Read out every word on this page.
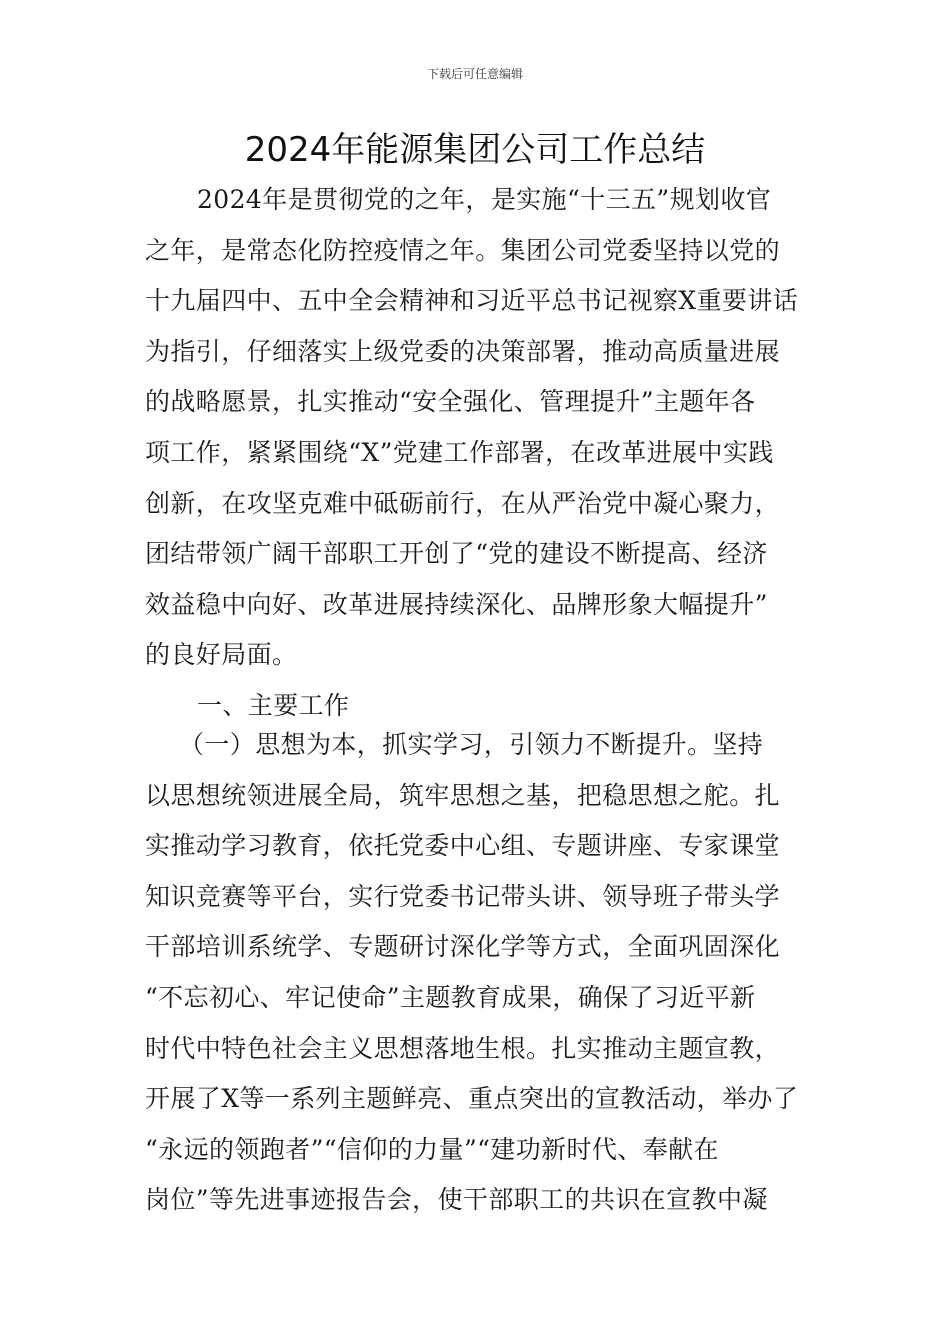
下载后可任意编辑
2024年能源集团公司工作总结
2024年是贯彻党的之年，是实施“十三五”规划收官
之年，是常态化防控疫情之年。集团公司党委坚持以党的
十九届四中、五中全会精神和习近平总书记视察X重要讲话
为指引，仔细落实上级党委的决策部署，推动高质量进展
的战略愿景，扎实推动“安全强化、管理提升”主题年各
项工作，紧紧围绕“X”党建工作部署，在改革进展中实践
创新，在攻坚克难中砥砺前行，在从严治党中凝心聚力，
团结带领广阔干部职工开创了“党的建设不断提高、经济
效益稳中向好、改革进展持续深化、品牌形象大幅提升”
的良好局面。
一、主要工作
（一）思想为本，抓实学习，引领力不断提升。坚持
以思想统领进展全局，筑牢思想之基，把稳思想之舵。扎
实推动学习教育，依托党委中心组、专题讲座、专家课堂
知识竞赛等平台，实行党委书记带头讲、领导班子带头学
干部培训系统学、专题研讨深化学等方式，全面巩固深化
“不忘初心、牢记使命”主题教育成果，确保了习近平新
时代中特色社会主义思想落地生根。扎实推动主题宣教，
开展了X等一系列主题鲜亮、重点突出的宣教活动，举办了
“永远的领跑者”“信仰的力量”“建功新时代、奉献在
岗位”等先进事迹报告会，使干部职工的共识在宣教中凝
